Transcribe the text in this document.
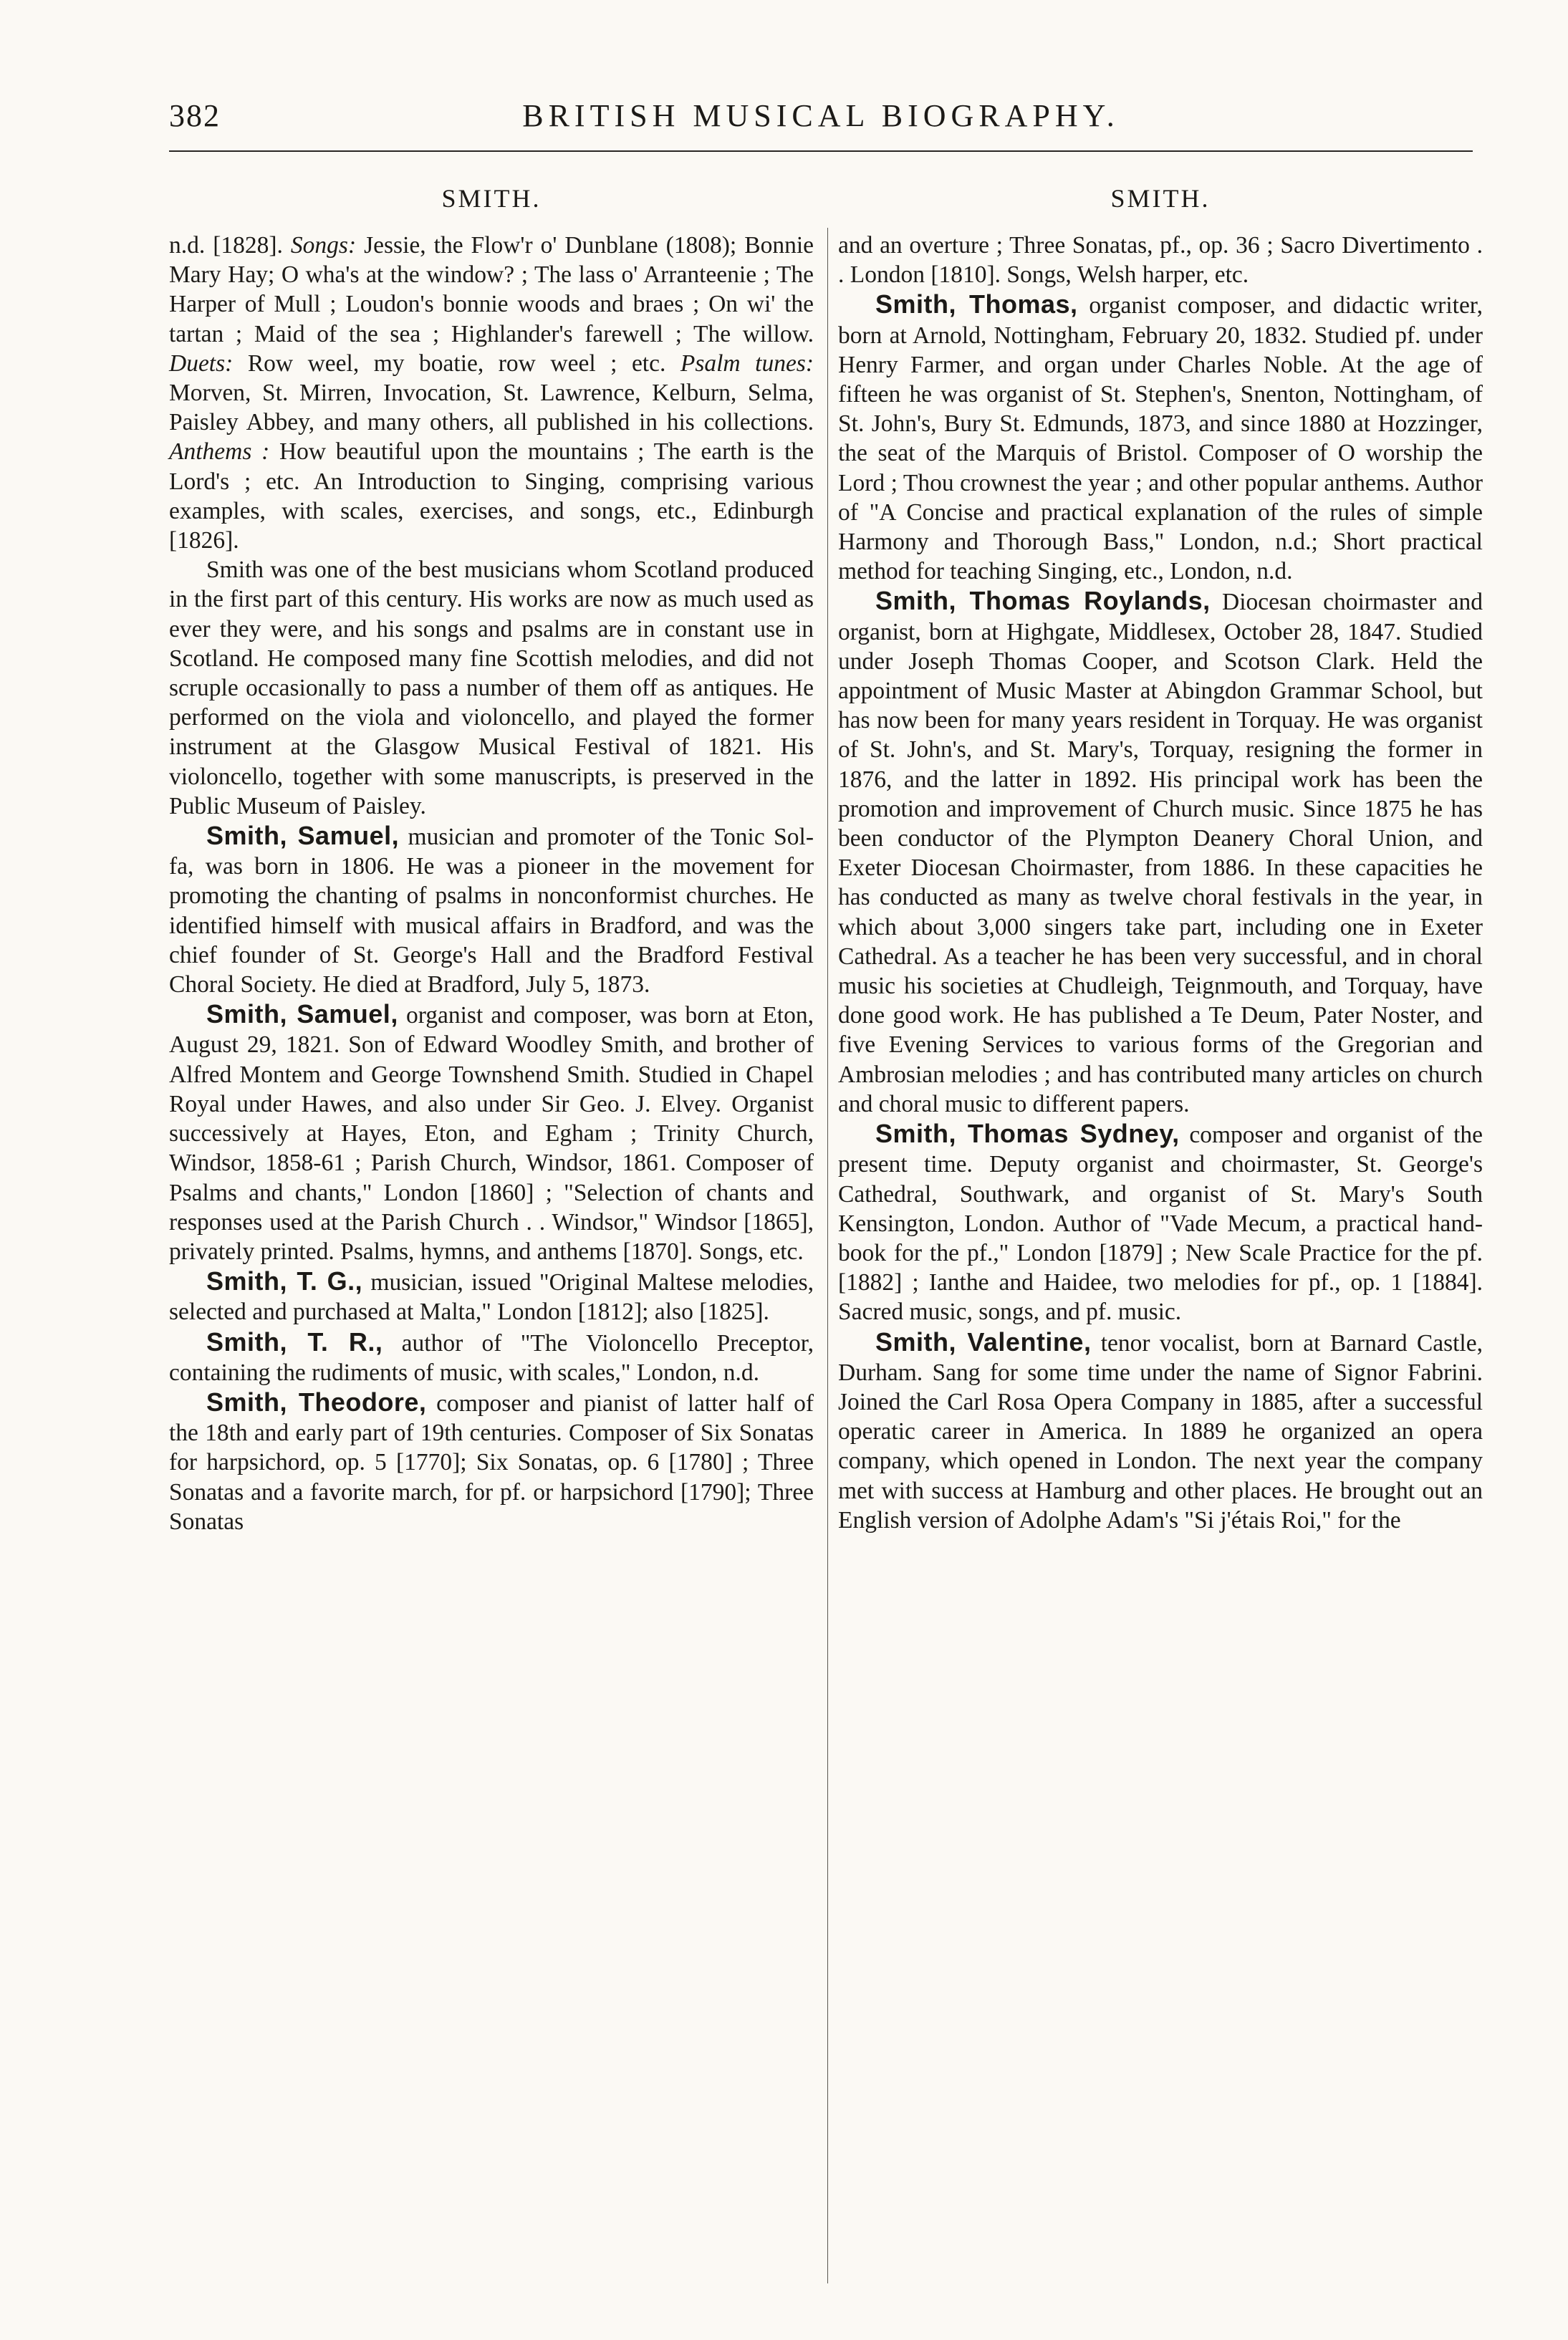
382	BRITISH MUSICAL BIOGRAPHY.
SMITH.

n.d. [1828]. Songs: Jessie, the Flow'r o' Dunblane (1808); Bonnie Mary Hay; O wha's at the window? ; The lass o' Arranteenie ; The Harper of Mull ; Loudon's bonnie woods and braes ; On wi' the tartan ; Maid of the sea ; Highlander's farewell ; The willow. Duets: Row weel, my boatie, row weel ; etc. Psalm tunes: Morven, St. Mirren, Invocation, St. Lawrence, Kelburn, Selma, Paisley Abbey, and many others, all published in his collections. Anthems : How beautiful upon the mountains ; The earth is the Lord's ; etc. An Introduction to Singing, comprising various examples, with scales, exercises, and songs, etc., Edinburgh [1826].

Smith was one of the best musicians whom Scotland produced in the first part of this century. His works are now as much used as ever they were, and his songs and psalms are in constant use in Scotland. He composed many fine Scottish melodies, and did not scruple occasionally to pass a number of them off as antiques. He performed on the viola and violoncello, and played the former instrument at the Glasgow Musical Festival of 1821. His violoncello, together with some manuscripts, is preserved in the Public Museum of Paisley.

Smith, Samuel, musician and promoter of the Tonic Sol-fa, was born in 1806. He was a pioneer in the movement for promoting the chanting of psalms in nonconformist churches. He identified himself with musical affairs in Bradford, and was the chief founder of St. George's Hall and the Bradford Festival Choral Society. He died at Bradford, July 5, 1873.

Smith, Samuel, organist and composer, was born at Eton, August 29, 1821. Son of Edward Woodley Smith, and brother of Alfred Montem and George Townshend Smith. Studied in Chapel Royal under Hawes, and also under Sir Geo. J. Elvey. Organist successively at Hayes, Eton, and Egham ; Trinity Church, Windsor, 1858-61 ; Parish Church, Windsor, 1861. Composer of Psalms and chants," London [1860] ; "Selection of chants and responses used at the Parish Church . . Windsor," Windsor [1865], privately printed. Psalms, hymns, and anthems [1870]. Songs, etc.

Smith, T. G., musician, issued "Original Maltese melodies, selected and purchased at Malta," London [1812]; also [1825].

Smith, T. R., author of "The Violoncello Preceptor, containing the rudiments of music, with scales," London, n.d.

Smith, Theodore, composer and pianist of latter half of the 18th and early part of 19th centuries. Composer of Six Sonatas for harpsichord, op. 5 [1770]; Six Sonatas, op. 6 [1780] ; Three Sonatas and a favorite march, for pf. or harpsichord [1790]; Three Sonatas

SMITH.

and an overture ; Three Sonatas, pf., op. 36 ; Sacro Divertimento . . London [1810]. Songs, Welsh harper, etc.

Smith, Thomas, organist composer, and didactic writer, born at Arnold, Nottingham, February 20, 1832. Studied pf. under Henry Farmer, and organ under Charles Noble. At the age of fifteen he was organist of St. Stephen's, Snenton, Nottingham, of St. John's, Bury St. Edmunds, 1873, and since 1880 at Hozzinger, the seat of the Marquis of Bristol. Composer of O worship the Lord ; Thou crownest the year ; and other popular anthems. Author of "A Concise and practical explanation of the rules of simple Harmony and Thorough Bass," London, n.d.; Short practical method for teaching Singing, etc., London, n.d.

Smith, Thomas Roylands, Diocesan choirmaster and organist, born at Highgate, Middlesex, October 28, 1847. Studied under Joseph Thomas Cooper, and Scotson Clark. Held the appointment of Music Master at Abingdon Grammar School, but has now been for many years resident in Torquay. He was organist of St. John's, and St. Mary's, Torquay, resigning the former in 1876, and the latter in 1892. His principal work has been the promotion and improvement of Church music. Since 1875 he has been conductor of the Plympton Deanery Choral Union, and Exeter Diocesan Choirmaster, from 1886. In these capacities he has conducted as many as twelve choral festivals in the year, in which about 3,000 singers take part, including one in Exeter Cathedral. As a teacher he has been very successful, and in choral music his societies at Chudleigh, Teignmouth, and Torquay, have done good work. He has published a Te Deum, Pater Noster, and five Evening Services to various forms of the Gregorian and Ambrosian melodies ; and has contributed many articles on church and choral music to different papers.

Smith, Thomas Sydney, composer and organist of the present time. Deputy organist and choirmaster, St. George's Cathedral, Southwark, and organist of St. Mary's South Kensington, London. Author of "Vade Mecum, a practical hand-book for the pf.," London [1879] ; New Scale Practice for the pf. [1882] ; Ianthe and Haidee, two melodies for pf., op. 1 [1884]. Sacred music, songs, and pf. music.

Smith, Valentine, tenor vocalist, born at Barnard Castle, Durham. Sang for some time under the name of Signor Fabrini. Joined the Carl Rosa Opera Company in 1885, after a successful operatic career in America. In 1889 he organized an opera company, which opened in London. The next year the company met with success at Hamburg and other places. He brought out an English version of Adolphe Adam's "Si j'étais Roi," for the
